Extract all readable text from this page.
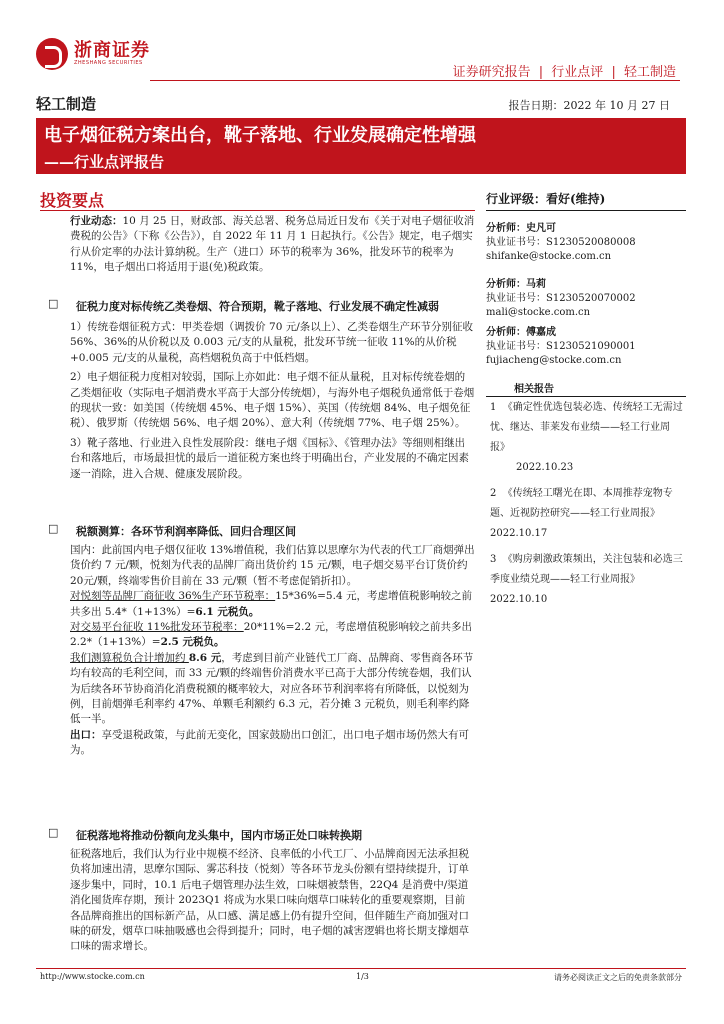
浙商证券
ZHESHANG SECURITIES
证券研究报告 | 行业点评 | 轻工制造
轻工制造	报告日期：2022 年 10 月 27 日
电子烟征税方案出台，靴子落地、行业发展确定性增强
——行业点评报告
投资要点

行业动态：10 月 25 日，财政部、海关总署、税务总局近日发布《关于对电子烟征收消费税的公告》（下称《公告》），自 2022 年 11 月 1 日起执行。《公告》规定，电子烟实行从价定率的办法计算纳税。生产（进口）环节的税率为 36%，批发环节的税率为 11%，电子烟出口将适用于退(免)税政策。

□ 征税力度对标传统乙类卷烟、符合预期，靴子落地、行业发展不确定性减弱

1）传统卷烟征税方式：甲类卷烟（调拨价 70 元/条以上）、乙类卷烟生产环节分别征收 56%、36%的从价税以及 0.003 元/支的从量税，批发环节统一征收 11%的从价税+0.005 元/支的从量税，高档烟税负高于中低档烟。

2）电子烟征税力度相对较弱，国际上亦如此：电子烟不征从量税，且对标传统卷烟的乙类烟征收（实际电子烟消费水平高于大部分传统烟），与海外电子烟税负通常低于卷烟的现状一致：如美国（传统烟 45%、电子烟 15%）、英国（传统烟 84%、电子烟免征税）、俄罗斯（传统烟 56%、电子烟 20%）、意大利（传统烟 77%、电子烟 25%）。

3）靴子落地、行业进入良性发展阶段：继电子烟《国标》、《管理办法》等细则相继出台和落地后，市场最担忧的最后一道征税方案也终于明确出台，产业发展的不确定因素逐一消除，进入合规、健康发展阶段。

□ 税额测算：各环节利润率降低、回归合理区间

国内：此前国内电子烟仅征收 13%增值税，我们估算以思摩尔为代表的代工厂商烟弹出货价约 7 元/颗，悦刻为代表的品牌厂商出货价约 15 元/颗，电子烟交易平台订货价约 20元/颗，终端零售价目前在 33 元/颗（暂不考虑促销折扣）。

对悦刻等品牌厂商征收 36%生产环节税率：15*36%=5.4 元，考虑增值税影响较之前共多出 5.4*（1+13%）=6.1 元税负。

对交易平台征收 11%批发环节税率：20*11%=2.2 元，考虑增值税影响较之前共多出 2.2*（1+13%）=2.5 元税负。

我们测算税负合计增加约 8.6 元，考虑到目前产业链代工厂商、品牌商、零售商各环节均有较高的毛利空间，而 33 元/颗的终端售价消费水平已高于大部分传统卷烟，我们认为后续各环节协商消化消费税额的概率较大，对应各环节利润率将有所降低，以悦刻为例，目前烟弹毛利率约 47%、单颗毛利额约 6.3 元，若分摊 3 元税负，则毛利率约降低一半。

出口：享受退税政策，与此前无变化，国家鼓励出口创汇，出口电子烟市场仍然大有可为。

□ 征税落地将推动份额向龙头集中，国内市场正处口味转换期

征税落地后，我们认为行业中规模不经济、良率低的小代工厂、小品牌商因无法承担税负将加速出清，思摩尔国际、雾芯科技（悦刻）等各环节龙头份额有望持续提升，订单逐步集中，同时，10.1 后电子烟管理办法生效，口味烟被禁售，22Q4 是消费中/渠道消化囤货库存期，预计 2023Q1 将成为水果口味向烟草口味转化的重要观察期，目前各品牌商推出的国标新产品，从口感、满足感上仍有提升空间，但伴随生产商加强对口味的研发，烟草口味抽吸感也会得到提升；同时，电子烟的减害逻辑也将长期支撑烟草口味的需求增长。

行业评级：看好(维持)
分析师：史凡可
执业证书号：S1230520080008
shifanke@stocke.com.cn
分析师：马莉
执业证书号：S1230520070002
mali@stocke.com.cn
分析师：傅嘉成
执业证书号：S1230521090001
fujiacheng@stocke.com.cn
相关报告
1 《确定性优选包装必选、传统轻工无需过忧、继达、菲莱发布业绩——轻工行业周报》
2022.10.23
2 《传统轻工曙光在即、本周推荐宠物专题、近视防控研究——轻工行业周报》 2022.10.17
3 《购房刺激政策频出，关注包装和必选三季度业绩兑现——轻工行业周报》 2022.10.10
http://www.stocke.com.cn	1/3	请务必阅读正文之后的免责条款部分
